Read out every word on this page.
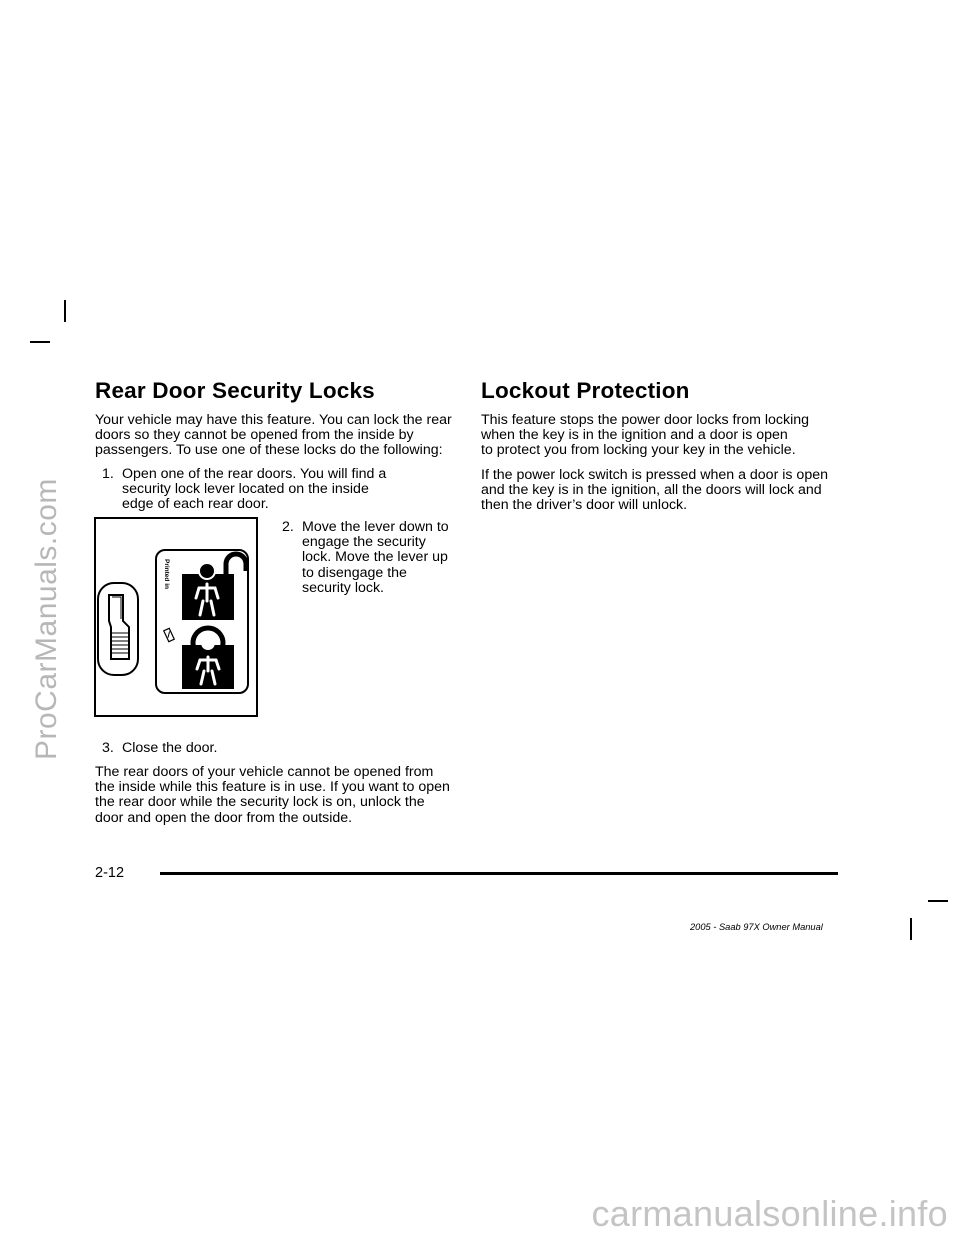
ProCarManuals.com
carmanualsonline.info
Rear Door Security Locks

Your vehicle may have this feature. You can lock the rear
doors so they cannot be opened from the inside by
passengers. To use one of these locks do the following:

1. Open one of the rear doors. You will find a
security lock lever located on the inside
edge of each rear door.
2. Move the lever down to
engage the security
lock. Move the lever up
to disengage the
security lock.
Printed in
3. Close the door.

The rear doors of your vehicle cannot be opened from
the inside while this feature is in use. If you want to open
the rear door while the security lock is on, unlock the
door and open the door from the outside.

Lockout Protection

This feature stops the power door locks from locking
when the key is in the ignition and a door is open
to protect you from locking your key in the vehicle.

If the power lock switch is pressed when a door is open
and the key is in the ignition, all the doors will lock and
then the driver’s door will unlock.

2-12
2005 - Saab 97X Owner Manual
